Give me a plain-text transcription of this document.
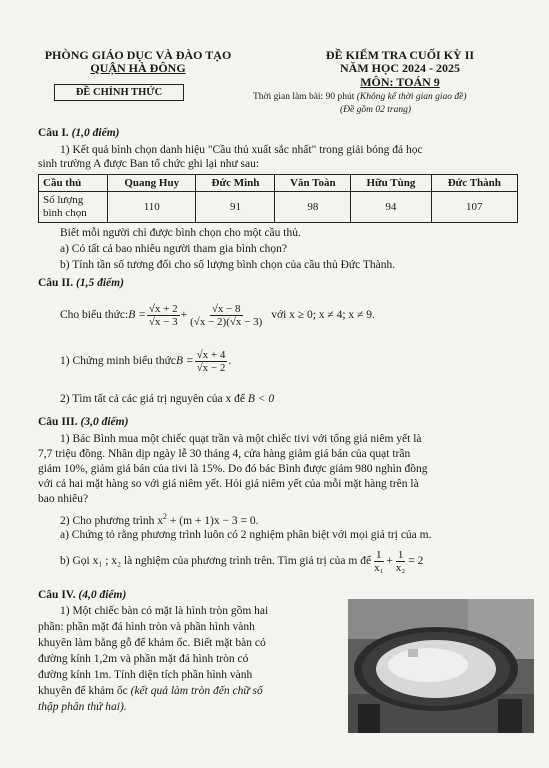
PHÒNG GIÁO DỤC VÀ ĐÀO TẠO
QUẬN HÀ ĐÔNG
ĐỀ CHÍNH THỨC
ĐỀ KIỂM TRA CUỐI KỲ II
NĂM HỌC 2024 - 2025
MÔN: TOÁN 9
Thời gian làm bài: 90 phút (Không kể thời gian giao đề)
(Đề gồm 02 trang)
Câu I. (1,0 điểm)
1) Kết quả bình chọn danh hiệu "Cầu thủ xuất sắc nhất" trong giải bóng đá học
sinh trường A được Ban tổ chức ghi lại như sau:
Cầu thủ	Quang Huy	Đức Minh	Văn Toàn	Hữu Tùng	Đức Thành

Số lượng
bình chọn	110	91	98	94	107
Biết mỗi người chỉ được bình chọn cho một cầu thủ.
a) Có tất cả bao nhiêu người tham gia bình chọn?
b) Tính tần số tương đối cho số lượng bình chọn của cầu thủ Đức Thành.
Câu II. (1,5 điểm)
Cho biểu thức: $B = \frac{√x + 2}{√x - 3} + \frac{√x - 8}{(√x - 2)(√x - 3)}$ với x ≥ 0; x ≠ 4; x ≠ 9.
1) Chứng minh biểu thức $B = \frac{√x + 4}{√x - 2}$ .
2) Tìm tất cả các giá trị nguyên của x để B < 0
Câu III. (3,0 điểm)
1) Bác Bình mua một chiếc quạt trần và một chiếc tivi với tổng giá niêm yết là
7,7 triệu đồng. Nhân dịp ngày lễ 30 tháng 4, cửa hàng giảm giá bán của quạt trần
giảm 10%, giảm giá bán của tivi là 15%. Do đó bác Bình được giảm 980 nghìn đồng
với cả hai mặt hàng so với giá niêm yết. Hỏi giá niêm yết của mỗi mặt hàng trên là
bao nhiêu?
2) Cho phương trình $x^2 + (m + 1)x - 3 = 0$.
a) Chứng tỏ rằng phương trình luôn có 2 nghiệm phân biệt với mọi giá trị của m.
b) Gọi x₁ ; x₂ là nghiệm của phương trình trên. Tìm giá trị của m để $\frac{1}{\text{x₁}} + \frac{1}{\text{x₂}} = 2$
Câu IV. (4,0 điểm)
1) Một chiếc bàn có mặt là hình tròn gồm hai
phần: phần mặt đá hình tròn và phần hình vành
khuyên làm bằng gỗ để khảm ốc. Biết mặt bàn có
đường kính 1,2m và phần mặt đá hình tròn có
đường kính 1m. Tính diện tích phần hình vành
khuyên để khảm ốc (kết quả làm tròn đến chữ số
thập phân thứ hai).
